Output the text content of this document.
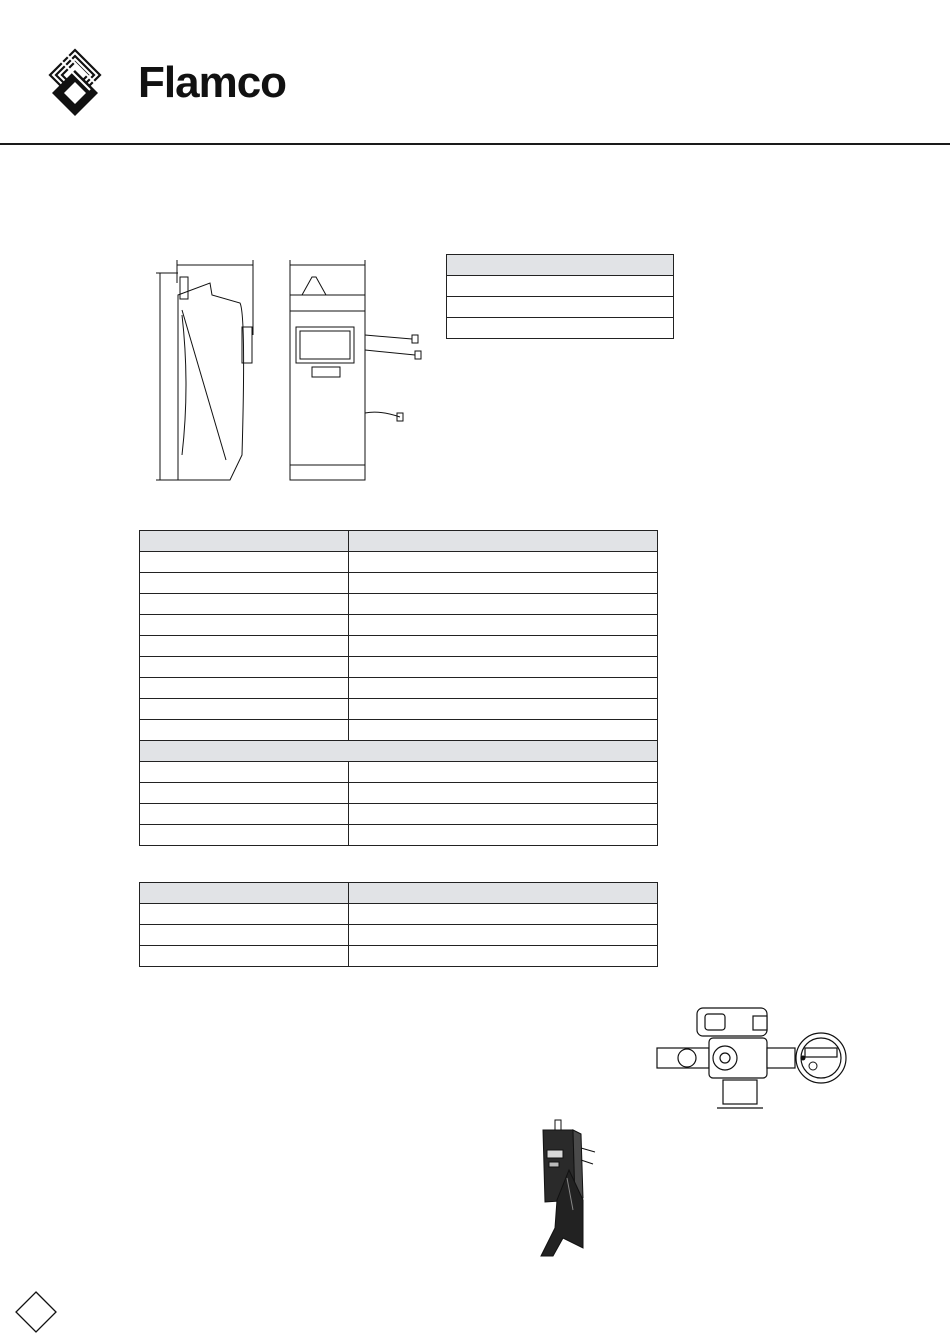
Flamco
